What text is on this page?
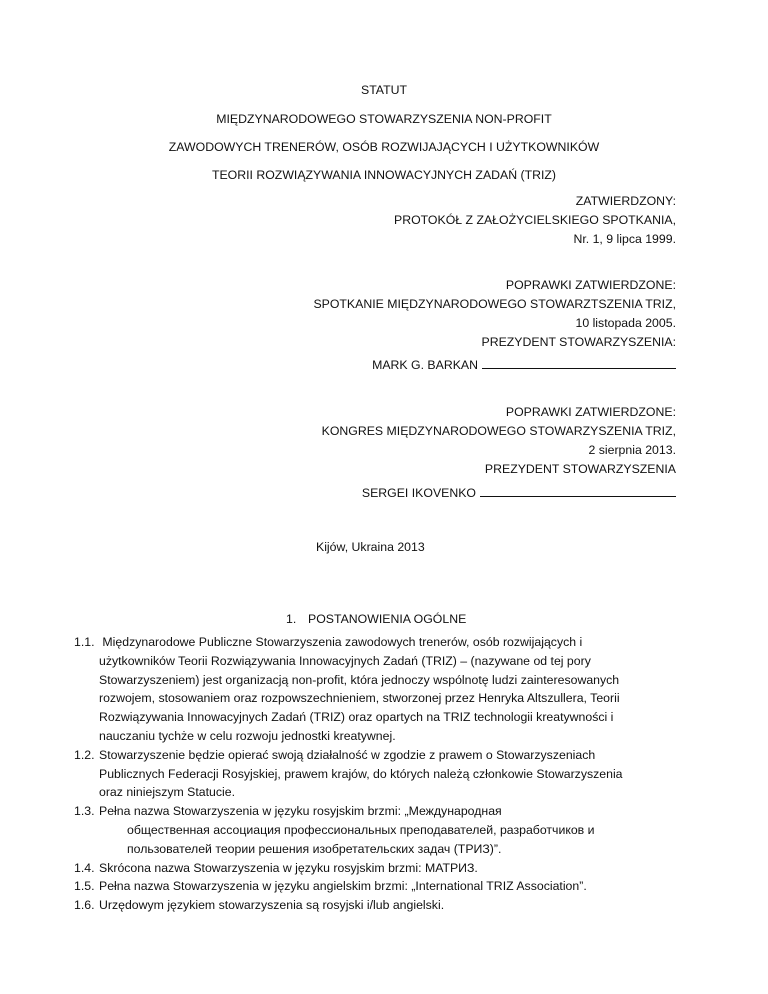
STATUT
MIĘDZYNARODOWEGO STOWARZYSZENIA NON-PROFIT
ZAWODOWYCH TRENERÓW, OSÓB ROZWIJAJĄCYCH I UŻYTKOWNIKÓW
TEORII ROZWIĄZYWANIA INNOWACYJNYCH ZADAŃ (TRIZ)
ZATWIERDZONY:
PROTOKÓŁ Z ZAŁOŻYCIELSKIEGO SPOTKANIA,
Nr. 1, 9 lipca 1999.
POPRAWKI ZATWIERDZONE:
SPOTKANIE MIĘDZYNARODOWEGO STOWARZTSZENIA TRIZ,
10 listopada 2005.
PREZYDENT STOWARZYSZENIA:
MARK G. BARKAN
POPRAWKI ZATWIERDZONE:
KONGRES MIĘDZYNARODOWEGO STOWARZYSZENIA TRIZ,
2 sierpnia 2013.
PREZYDENT STOWARZYSZENIA
SERGEI IKOVENKO
Kijów, Ukraina 2013
1. POSTANOWIENIA OGÓLNE
1.1. Międzynarodowe Publiczne Stowarzyszenia zawodowych trenerów, osób rozwijających i
użytkowników Teorii Rozwiązywania Innowacyjnych Zadań (TRIZ) – (nazywane od tej pory
Stowarzyszeniem) jest organizacją non-profit, która jednoczy wspólnotę ludzi zainteresowanych
rozwojem, stosowaniem oraz rozpowszechnieniem, stworzonej przez Henryka Altszullera, Teorii
Rozwiązywania Innowacyjnych Zadań (TRIZ) oraz opartych na TRIZ technologii kreatywności i
nauczaniu tychże w celu rozwoju jednostki kreatywnej.
1.2. Stowarzyszenie będzie opierać swoją działalność w zgodzie z prawem o Stowarzyszeniach
Publicznych Federacji Rosyjskiej, prawem krajów, do których należą członkowie Stowarzyszenia
oraz niniejszym Statucie.
1.3. Pełna nazwa Stowarzyszenia w języku rosyjskim brzmi: „Международная
общественная ассоциация профессиональных преподавателей, разработчиков и
пользователей теории решения изобретательских задач (ТРИЗ)”.
1.4. Skrócona nazwa Stowarzyszenia w języku rosyjskim brzmi: МАТРИЗ.
1.5. Pełna nazwa Stowarzyszenia w języku angielskim brzmi: „International TRIZ Association”.
1.6. Urzędowym językiem stowarzyszenia są rosyjski i/lub angielski.
